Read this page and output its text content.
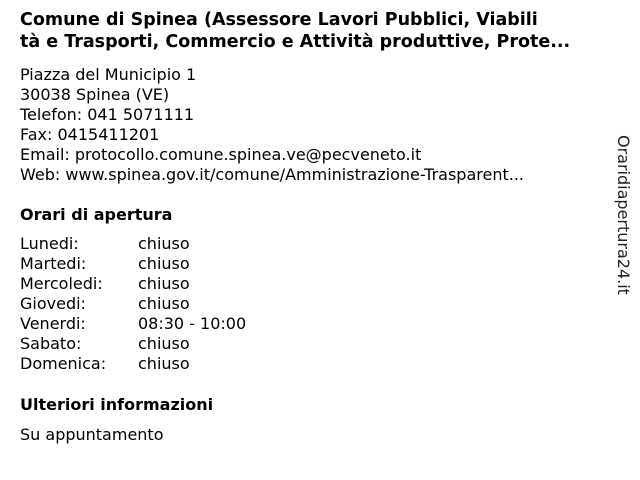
Comune di Spinea (Assessore Lavori Pubblici, Viabili
tà e Trasporti, Commercio e Attività produttive, Prote...
Piazza del Municipio 1
30038 Spinea (VE)
Telefon: 041 5071111
Fax: 0415411201
Email: protocollo.comune.spinea.ve@pecveneto.it
Web: www.spinea.gov.it/comune/Amministrazione-Trasparent...
Orari di apertura
Lunedi:	chiuso
Martedi:	chiuso
Mercoledi:	chiuso
Giovedi:	chiuso
Venerdi:	08:30 - 10:00
Sabato:	chiuso
Domenica:	chiuso
Ulteriori informazioni
Su appuntamento
Oraridiapertura24.it
